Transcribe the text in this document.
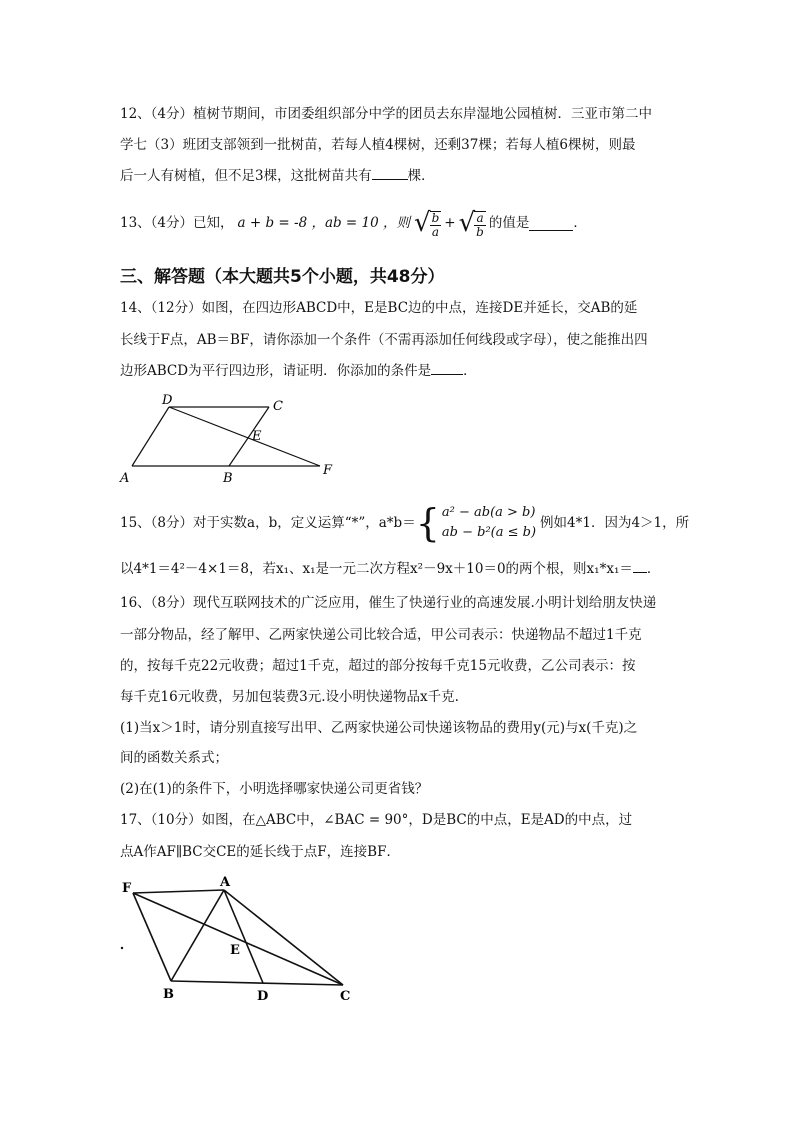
12、（4分）植树节期间，市团委组织部分中学的团员去东岸湿地公园植树．三亚市第二中
学七（3）班团支部领到一批树苗，若每人植4棵树，还剩37棵；若每人植6棵树，则最
后一人有树植，但不足3棵，这批树苗共有	棵．
13、（4分）已知， a + b = -8 ，ab = 10 ，则 √ $\frac{b}{a}$ + √ $\frac{a}{b}$ 的值是	．
三、解答题（本大题共5个小题，共48分）
14、（12分）如图，在四边形ABCD中，E是BC边的中点，连接DE并延长，交AB的延
长线于F点，AB＝BF，请你添加一个条件（不需再添加任何线段或字母），使之能推出四
边形ABCD为平行四边形，请证明．你添加的条件是 ．
D	C
E
A	B
F
15、（8分）对于实数a，b，定义运算“*”，a*b＝ { a² − ab(a > b)
ab − b²(a ≤ b)
例如4*1．因为4＞1，所
以4*1＝4²－4×1＝8，若x₁、x₁是一元二次方程x²－9x＋10＝0的两个根，则x₁*x₁＝ ．
16、（8分）现代互联网技术的广泛应用，催生了快递行业的高速发展.小明计划给朋友快递
一部分物品，经了解甲、乙两家快递公司比较合适，甲公司表示：快递物品不超过1千克
的，按每千克22元收费；超过1千克，超过的部分按每千克15元收费，乙公司表示：按
每千克16元收费，另加包装费3元.设小明快递物品x千克.
(1)当x＞1时，请分别直接写出甲、乙两家快递公司快递该物品的费用y(元)与x(千克)之
间的函数关系式；
(2)在(1)的条件下，小明选择哪家快递公司更省钱？
17、（10分）如图，在△ABC中，∠BAC = 90°，D是BC的中点，E是AD的中点，过
点A作AF∥BC交CE的延长线于点F，连接BF．
F	A
E
B	D	C
